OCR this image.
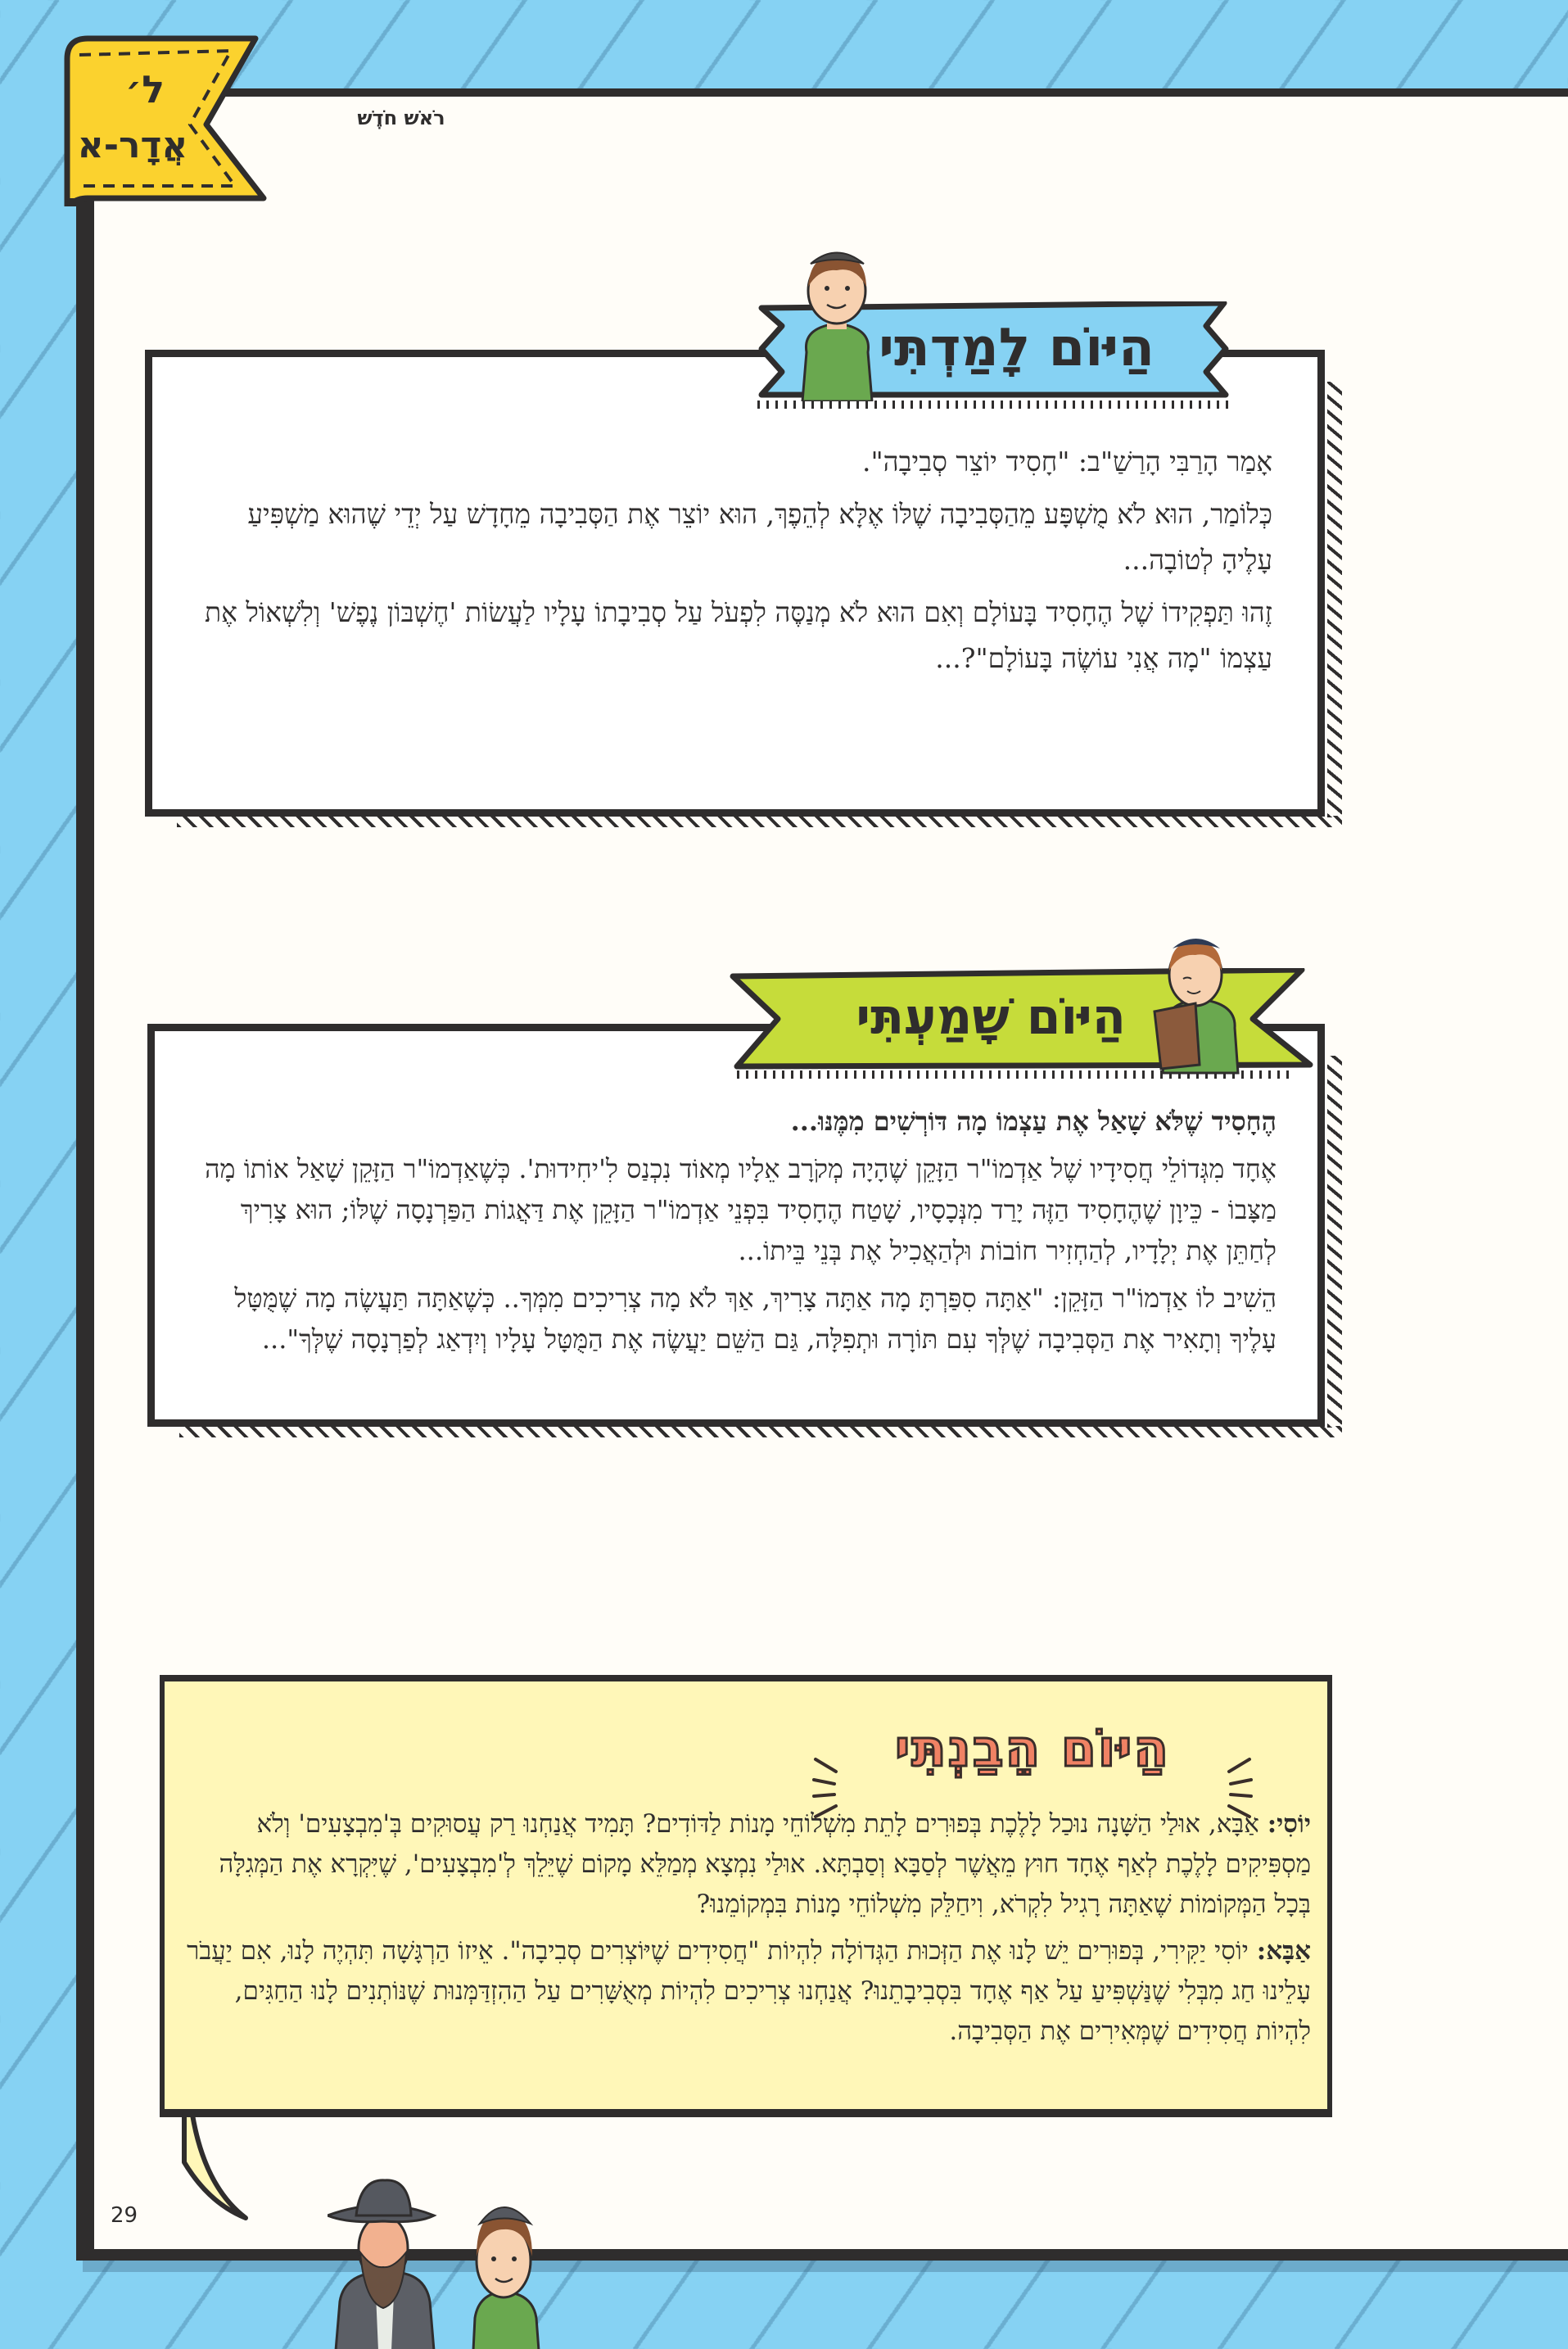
ל׳
אֲדָר-א
רֹאשׁ חֹדֶשׁ

אָמַר הָרַבִּי הָרַשַׁ"ב: "חָסִיד יוֹצֵר סְבִיבָה".

כְּלוֹמַר, הוּא לֹא מֻשְׁפָּע מֵהַסְּבִיבָה שֶׁלּוֹ אֶלָּא לְהֵפֶךְ, הוּא יוֹצֵר אֶת הַסְּבִיבָה מֵחָדָשׁ עַל יְדֵי שֶׁהוּא מַשְׁפִּיעַ עָלֶיהָ לְטוֹבָה...

זֶהוּ תַּפְקִידוֹ שֶׁל הֶחָסִיד בָּעוֹלָם וְאִם הוּא לֹא מְנַסֶּה לִפְעֹל עַל סְבִיבָתוֹ עָלָיו לַעֲשׂוֹת 'חֶשְׁבּוֹן נֶפֶשׁ' וְלִשְׁאוֹל אֶת עַצְמוֹ "מָה אֲנִי עוֹשֶׂה בָּעוֹלָם"?...

הַיּוֹם לָמַדְתִּי

הֶחָסִיד שֶׁלֹּא שָׁאַל אֶת עַצְמוֹ מָה דּוֹרְשִׁים מִמֶּנּוּ...

אֶחָד מִגְּדוֹלֵי חֲסִידָיו שֶׁל אַדְמוֹ"ר הַזָּקֵן שֶׁהָיָה מְקֹרָב אֵלָיו מְאוֹד נִכְנַס לִ'יחִידוּת'. כְּשֶׁאַדְמוֹ"ר הַזָּקֵן שָׁאַל אוֹתוֹ מָה מַצָּבוֹ - כֵּיוָן שֶׁהֶחָסִיד הַזֶּה יָרַד מִנְּכָסָיו, שָׁטַח הֶחָסִיד בִּפְנֵי אַדְמוֹ"ר הַזָּקֵן אֶת דַּאֲגוֹת הַפַּרְנָסָה שֶׁלּוֹ; הוּא צָרִיךְ לְחַתֵּן אֶת יְלָדָיו, לְהַחְזִיר חוֹבוֹת וּלְהַאֲכִיל אֶת בְּנֵי בֵּיתוֹ...

הֵשִׁיב לוֹ אַדְמוֹ"ר הַזָּקֵן: "אַתָּה סִפַּרְתָּ מָה אַתָּה צָרִיךְ, אַךְ לֹא מָה צְרִיכִים מִמְּךָ.. כְּשֶׁאַתָּה תַּעֲשֶׂה מָה שֶׁמֻּטָּל עָלֶיךָ וְתָאִיר אֶת הַסְּבִיבָה שֶׁלְּךָ עִם תּוֹרָה וּתְפִלָּה, גַּם הַשֵּׁם יַעֲשֶׂה אֶת הַמֻּטָּל עָלָיו וְיִדְאַג לְפַרְנָסָה שֶׁלְּךָ"...

הַיּוֹם שָׁמַעְתִּי
הַיּוֹם הֵבַנְתִּי

יוֹסִי: אַבָּא, אוּלַי הַשָּׁנָה נוּכַל לָלֶכֶת בְּפוּרִים לָתֵת מִשְׁלוֹחֵי מָנוֹת לַדּוֹדִים? תָּמִיד אֲנַחְנוּ רַק עֲסוּקִים בְּ'מִבְצָעִים' וְלֹא מַסְפִּיקִים לָלֶכֶת לְאַף אֶחָד חוּץ מֵאֲשֶׁר לְסַבָּא וְסַבְתָּא. אוּלַי נִמְצָא מְמַלֵּא מָקוֹם שֶׁיֵּלֵךְ לְ'מִבְצָעִים', שֶׁיִּקְרָא אֶת הַמְּגִלָּה בְּכָל הַמְּקוֹמוֹת שֶׁאַתָּה רָגִיל לִקְרֹא, וִיחַלֵּק מִשְׁלוֹחֵי מָנוֹת בִּמְקוֹמֵנוּ?

אַבָּא: יוֹסִי יַקִּירִי, בְּפוּרִים יֵשׁ לָנוּ אֶת הַזְּכוּת הַגְּדוֹלָה לִהְיוֹת "חֲסִידִים שֶׁיּוֹצְרִים סְבִיבָה". אֵיזוֹ הַרְגָּשָׁה תִּהְיֶה לָנוּ, אִם יַעֲבֹר עָלֵינוּ חַג מִבְּלִי שֶׁנַּשְׁפִּיעַ עַל אַף אֶחָד בִּסְבִיבָתֵנוּ? אֲנַחְנוּ צְרִיכִים לִהְיוֹת מְאֻשָּׁרִים עַל הַהִזְדַּמְּנוּת שֶׁנּוֹתְנִים לָנוּ הַחַגִּים, לִהְיוֹת חֲסִידִים שֶׁמְּאִירִים אֶת הַסְּבִיבָה.

29
